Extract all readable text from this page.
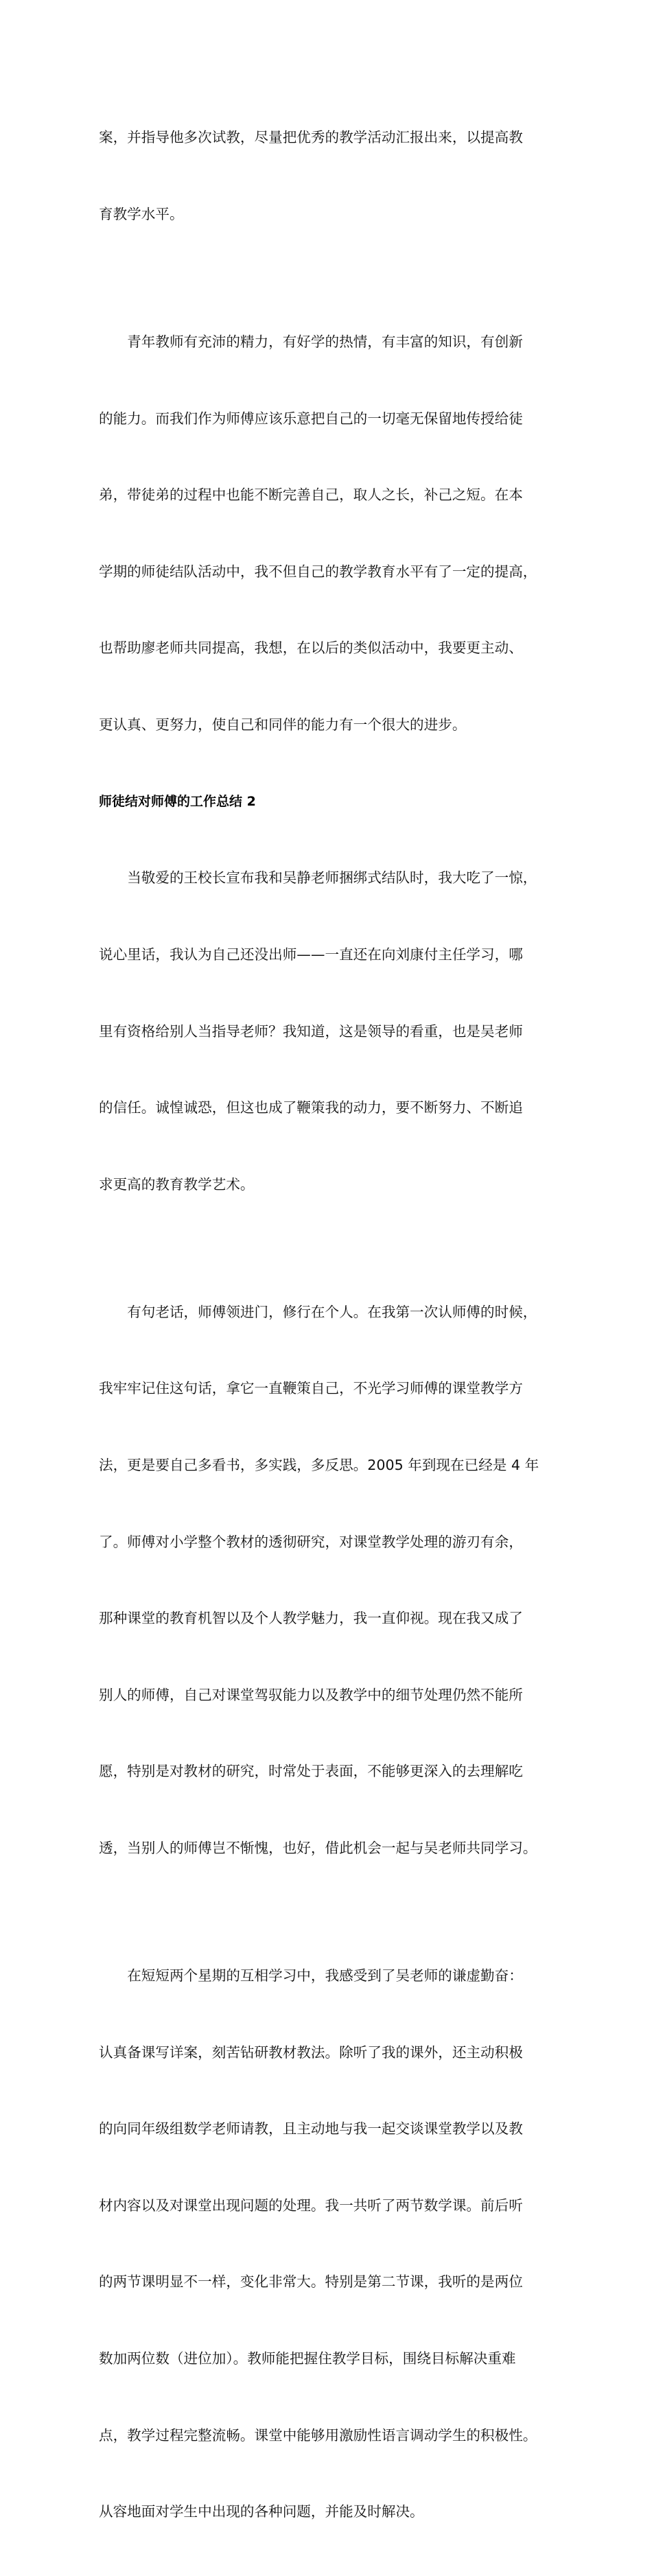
案，并指导他多次试教，尽量把优秀的教学活动汇报出来，以提高教

育教学水平。

青年教师有充沛的精力，有好学的热情，有丰富的知识，有创新

的能力。而我们作为师傅应该乐意把自己的一切毫无保留地传授给徒

弟，带徒弟的过程中也能不断完善自己，取人之长，补己之短。在本

学期的师徒结队活动中，我不但自己的教学教育水平有了一定的提高，

也帮助廖老师共同提高，我想，在以后的类似活动中，我要更主动、

更认真、更努力，使自己和同伴的能力有一个很大的进步。

师徒结对师傅的工作总结 2

当敬爱的王校长宣布我和吴静老师捆绑式结队时，我大吃了一惊，

说心里话，我认为自己还没出师——一直还在向刘康付主任学习，哪

里有资格给别人当指导老师？我知道，这是领导的看重，也是吴老师

的信任。诚惶诚恐，但这也成了鞭策我的动力，要不断努力、不断追

求更高的教育教学艺术。

有句老话，师傅领进门，修行在个人。在我第一次认师傅的时候，

我牢牢记住这句话，拿它一直鞭策自己，不光学习师傅的课堂教学方

法，更是要自己多看书，多实践，多反思。2005 年到现在已经是 4 年

了。师傅对小学整个教材的透彻研究，对课堂教学处理的游刃有余，

那种课堂的教育机智以及个人教学魅力，我一直仰视。现在我又成了

别人的师傅，自己对课堂驾驭能力以及教学中的细节处理仍然不能所

愿，特别是对教材的研究，时常处于表面，不能够更深入的去理解吃

透，当别人的师傅岂不惭愧，也好，借此机会一起与吴老师共同学习。

在短短两个星期的互相学习中，我感受到了吴老师的谦虚勤奋：

认真备课写详案，刻苦钻研教材教法。除听了我的课外，还主动积极

的向同年级组数学老师请教，且主动地与我一起交谈课堂教学以及教

材内容以及对课堂出现问题的处理。我一共听了两节数学课。前后听

的两节课明显不一样，变化非常大。特别是第二节课，我听的是两位

数加两位数（进位加）。教师能把握住教学目标，围绕目标解决重难

点，教学过程完整流畅。课堂中能够用激励性语言调动学生的积极性。

从容地面对学生中出现的各种问题，并能及时解决。
